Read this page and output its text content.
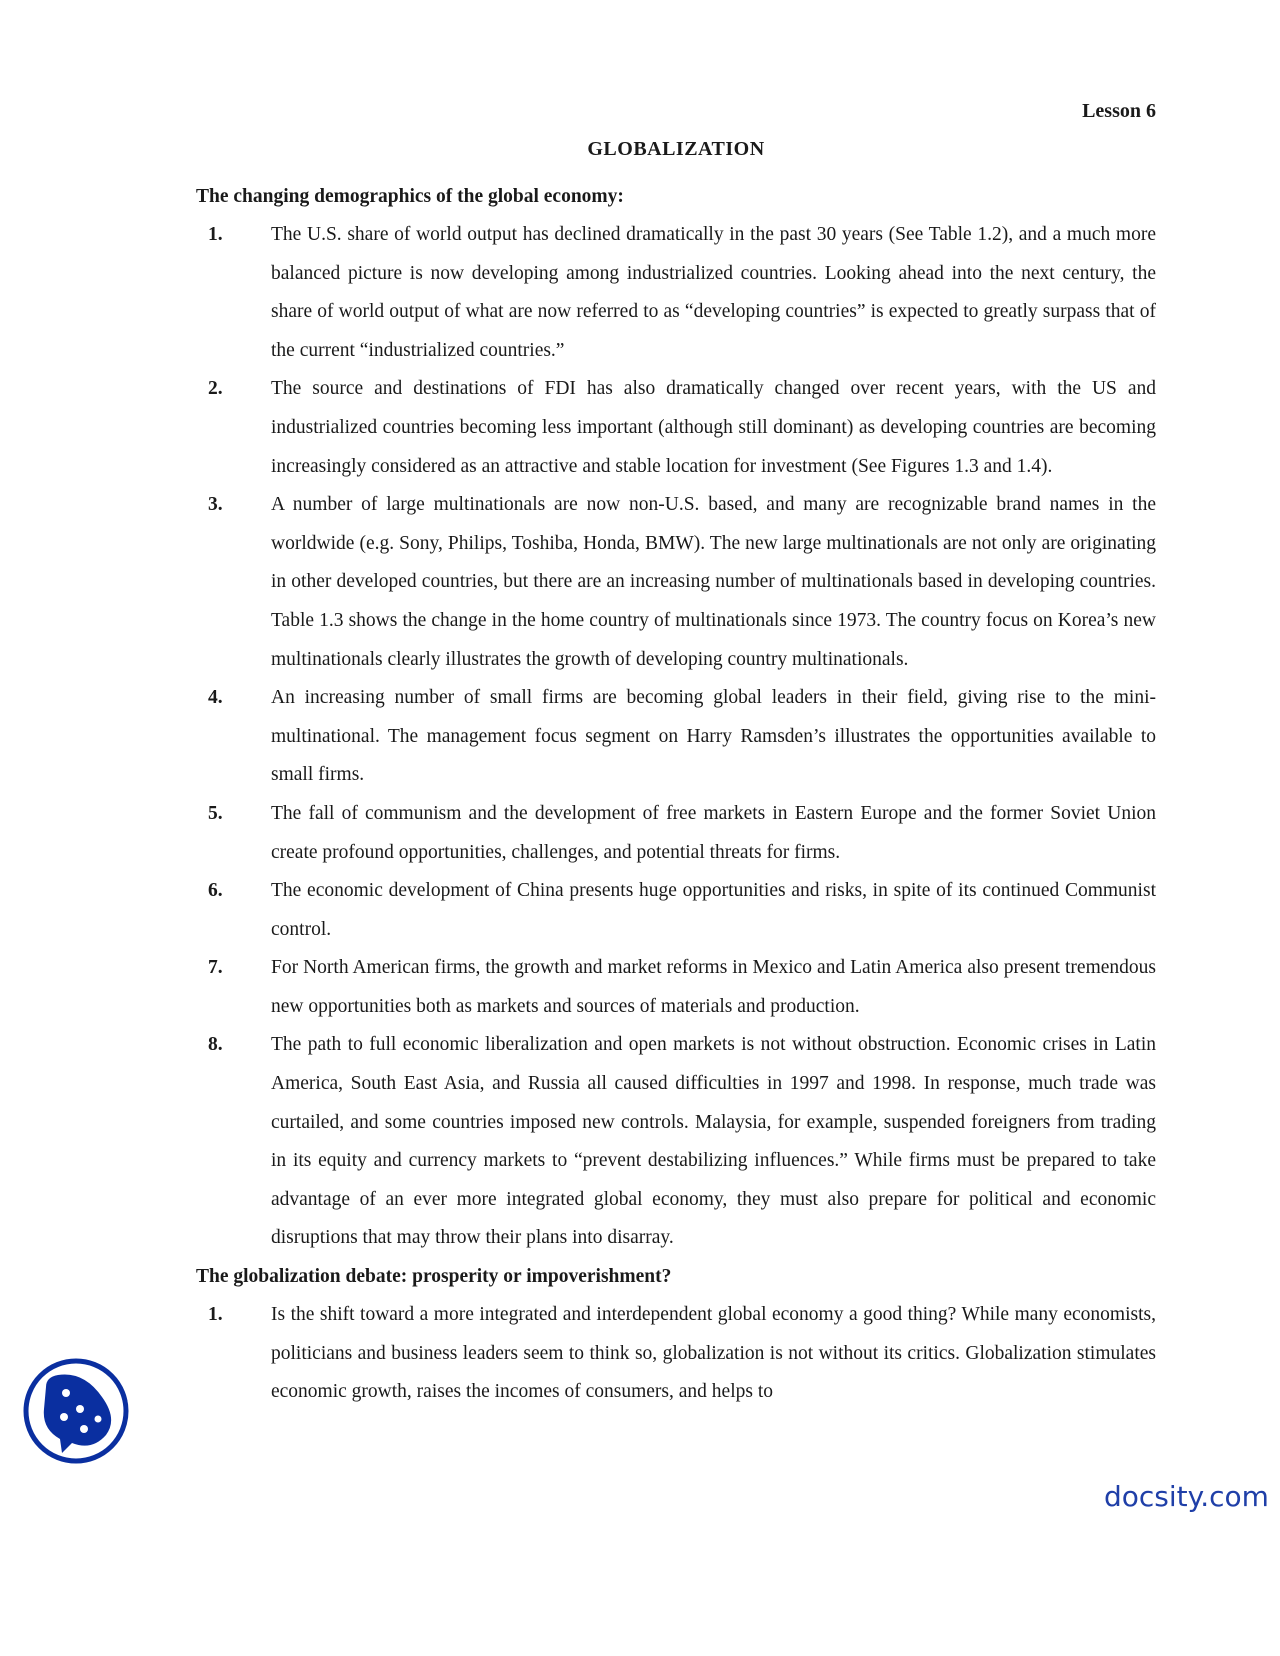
Lesson 6
GLOBALIZATION

The changing demographics of the global economy:

1.	The U.S. share of world output has declined dramatically in the past 30 years (See Table 1.2), and a much more balanced picture is now developing among industrialized countries. Looking ahead into the next century, the share of world output of what are now referred to as “developing countries” is expected to greatly surpass that of the current “industrialized countries.”
2.	The source and destinations of FDI has also dramatically changed over recent years, with the US and industrialized countries becoming less important (although still dominant) as developing countries are becoming increasingly considered as an attractive and stable location for investment (See Figures 1.3 and 1.4).
3.	A number of large multinationals are now non-U.S. based, and many are recognizable brand names in the worldwide (e.g. Sony, Philips, Toshiba, Honda, BMW). The new large multinationals are not only are originating in other developed countries, but there are an increasing number of multinationals based in developing countries. Table 1.3 shows the change in the home country of multinationals since 1973. The country focus on Korea’s new multinationals clearly illustrates the growth of developing country multinationals.
4.	An increasing number of small firms are becoming global leaders in their field, giving rise to the mini-multinational. The management focus segment on Harry Ramsden’s illustrates the opportunities available to small firms.
5.	The fall of communism and the development of free markets in Eastern Europe and the former Soviet Union create profound opportunities, challenges, and potential threats for firms.
6.	The economic development of China presents huge opportunities and risks, in spite of its continued Communist control.
7.	For North American firms, the growth and market reforms in Mexico and Latin America also present tremendous new opportunities both as markets and sources of materials and production.
8.	The path to full economic liberalization and open markets is not without obstruction. Economic crises in Latin America, South East Asia, and Russia all caused difficulties in 1997 and 1998. In response, much trade was curtailed, and some countries imposed new controls. Malaysia, for example, suspended foreigners from trading in its equity and currency markets to “prevent destabilizing influences.” While firms must be prepared to take advantage of an ever more integrated global economy, they must also prepare for political and economic disruptions that may throw their plans into disarray.

The globalization debate: prosperity or impoverishment?

1.	Is the shift toward a more integrated and interdependent global economy a good thing? While many economists, politicians and business leaders seem to think so, globalization is not without its critics. Globalization stimulates economic growth, raises the incomes of consumers, and helps to
docsity.com
